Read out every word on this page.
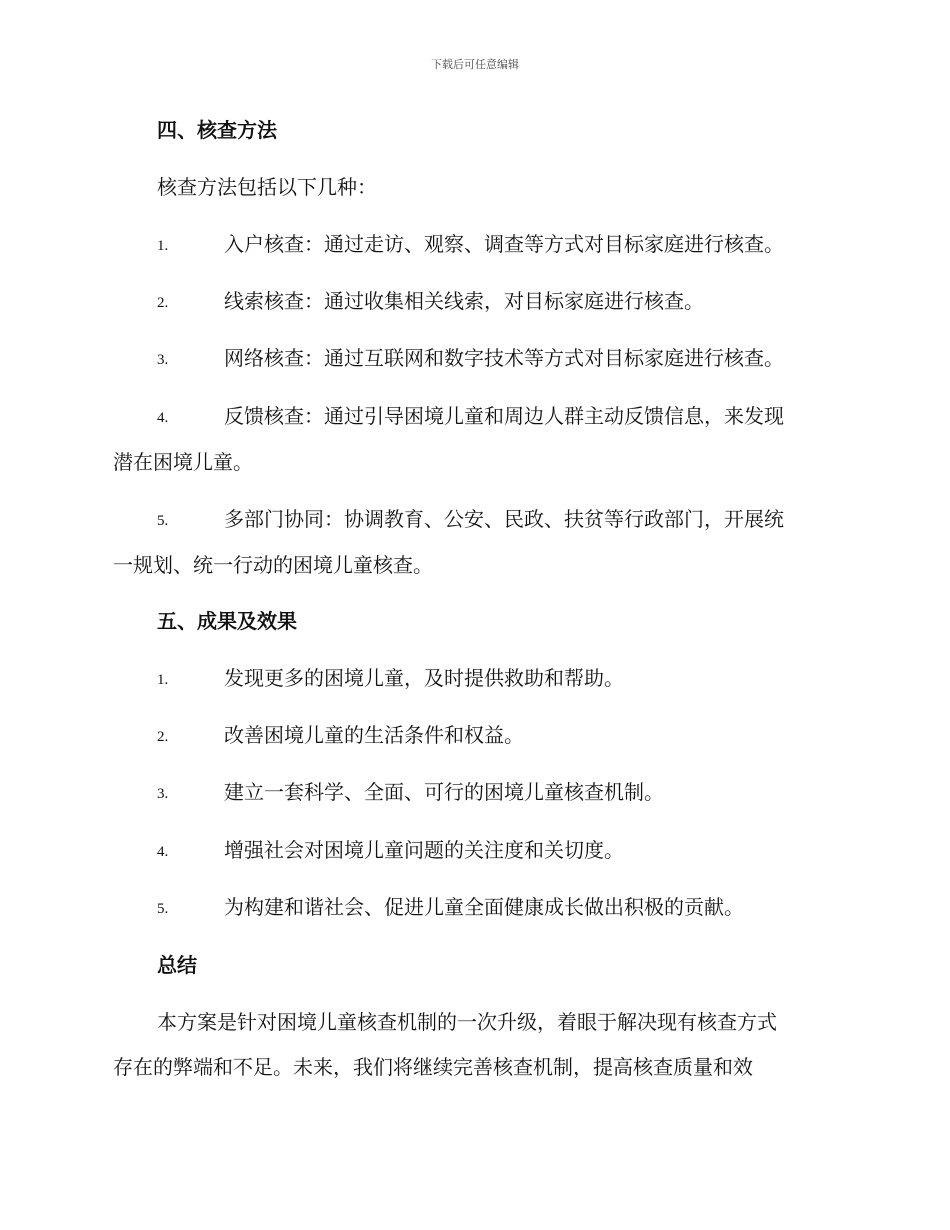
下载后可任意编辑
四、核查方法
核查方法包括以下几种：
1.	入户核查：通过走访、观察、调查等方式对目标家庭进行核查。
2.	线索核查：通过收集相关线索，对目标家庭进行核查。
3.	网络核查：通过互联网和数字技术等方式对目标家庭进行核查。
4.	反馈核查：通过引导困境儿童和周边人群主动反馈信息，来发现
潜在困境儿童。
5.	多部门协同：协调教育、公安、民政、扶贫等行政部门，开展统
一规划、统一行动的困境儿童核查。
五、成果及效果
1.	发现更多的困境儿童，及时提供救助和帮助。
2.	改善困境儿童的生活条件和权益。
3.	建立一套科学、全面、可行的困境儿童核查机制。
4.	增强社会对困境儿童问题的关注度和关切度。
5.	为构建和谐社会、促进儿童全面健康成长做出积极的贡献。
总结
本方案是针对困境儿童核查机制的一次升级，着眼于解决现有核查方式
存在的弊端和不足。未来，我们将继续完善核查机制，提高核查质量和效
